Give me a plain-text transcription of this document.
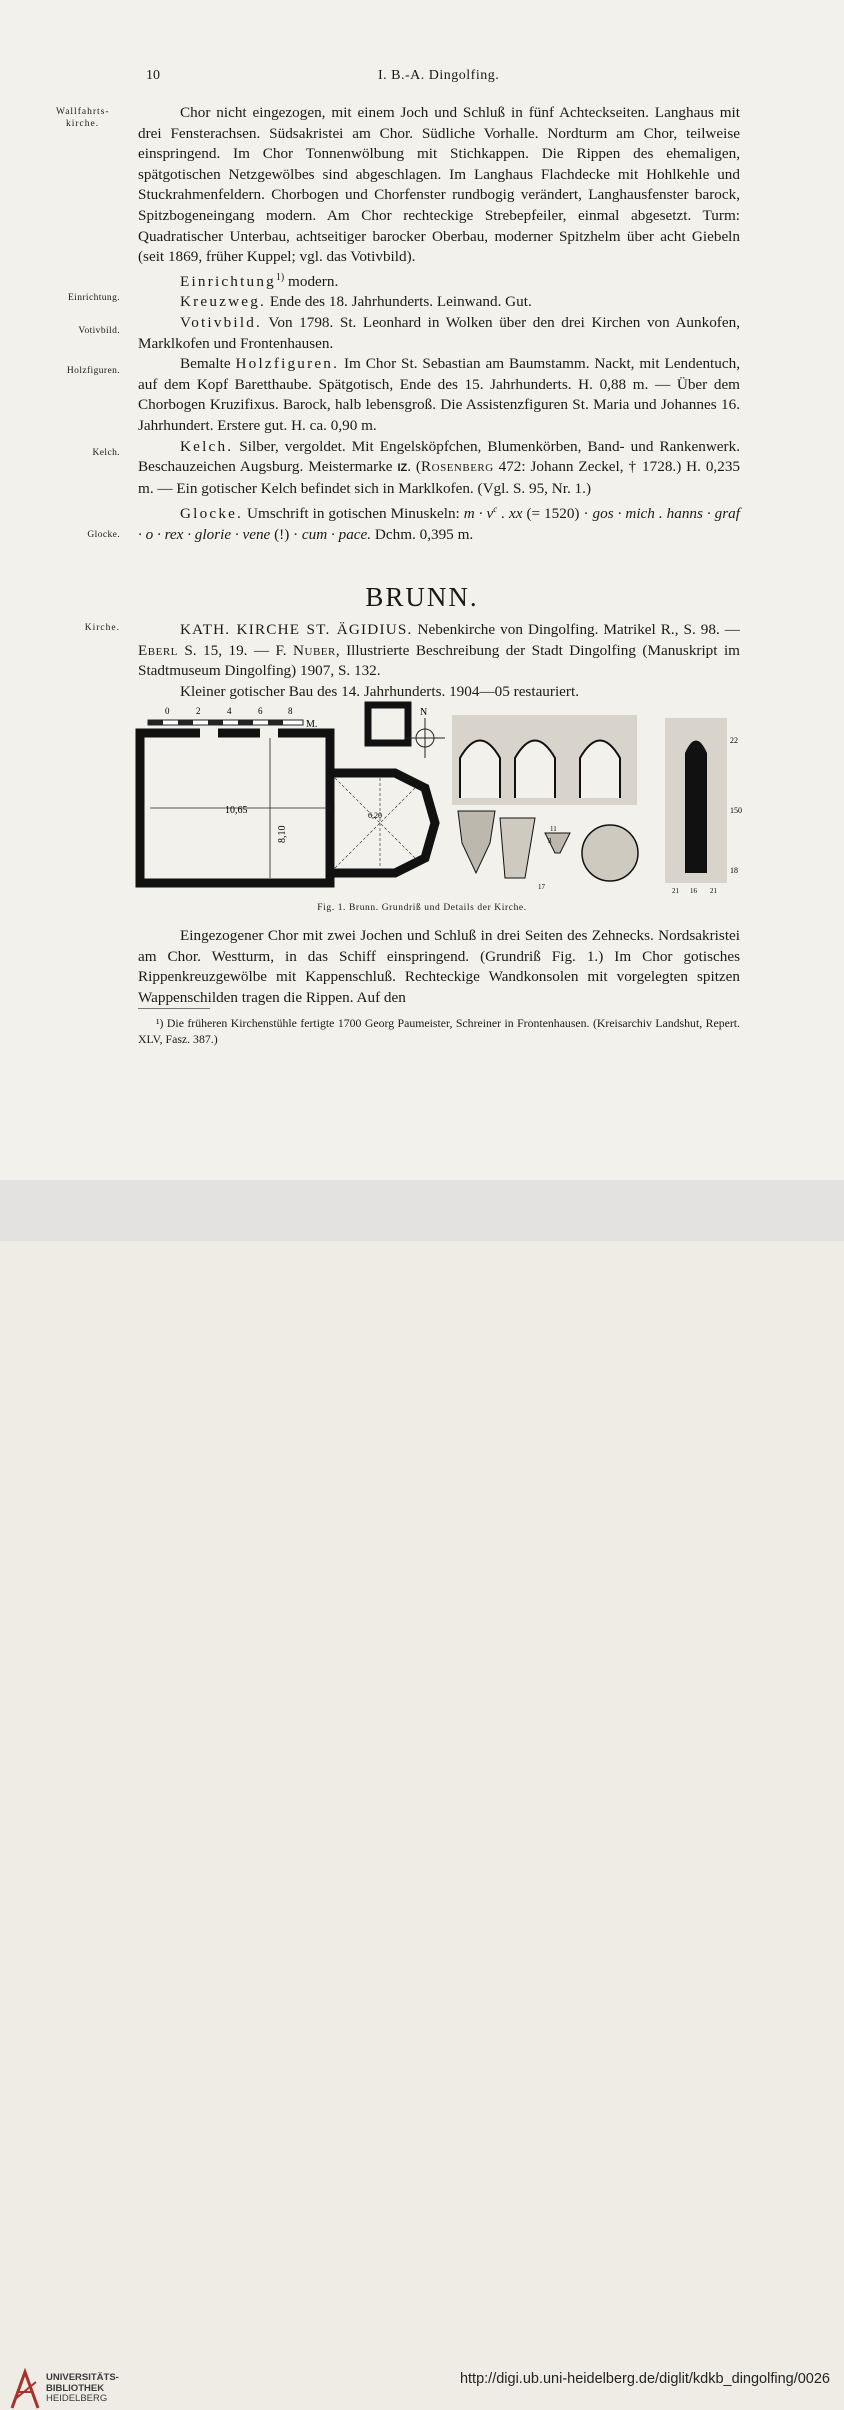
10	I. B.-A. Dingolfing.
Wallfahrts-
kirche.
Einrichtung.
Votivbild.
Holzfiguren.
Kelch.
Glocke.
Kirche.

Chor nicht eingezogen, mit einem Joch und Schluß in fünf Achteckseiten. Langhaus mit drei Fensterachsen. Südsakristei am Chor. Südliche Vorhalle. Nordturm am Chor, teilweise einspringend. Im Chor Tonnenwölbung mit Stichkappen. Die Rippen des ehemaligen, spätgotischen Netzgewölbes sind abgeschlagen. Im Langhaus Flachdecke mit Hohlkehle und Stuckrahmenfeldern. Chorbogen und Chorfenster rundbogig verändert, Langhausfenster barock, Spitzbogeneingang modern. Am Chor rechteckige Strebepfeiler, einmal abgesetzt. Turm: Quadratischer Unterbau, achtseitiger barocker Oberbau, moderner Spitzhelm über acht Giebeln (seit 1869, früher Kuppel; vgl. das Votivbild).

Einrichtung$^{1)}$ modern.

Kreuzweg. Ende des 18. Jahrhunderts. Leinwand. Gut.

Votivbild. Von 1798. St. Leonhard in Wolken über den drei Kirchen von Aunkofen, Marklkofen und Frontenhausen.

Bemalte Holzfiguren. Im Chor St. Sebastian am Baumstamm. Nackt, mit Lendentuch, auf dem Kopf Baretthaube. Spätgotisch, Ende des 15. Jahrhunderts. H. 0,88 m. — Über dem Chorbogen Kruzifixus. Barock, halb lebensgroß. Die Assistenzfiguren St. Maria und Johannes 16. Jahrhundert. Erstere gut. H. ca. 0,90 m.

Kelch. Silber, vergoldet. Mit Engelsköpfchen, Blumenkörben, Band- und Rankenwerk. Beschauzeichen Augsburg. Meistermarke IZ. (Rosenberg 472: Johann Zeckel, † 1728.) H. 0,235 m. — Ein gotischer Kelch befindet sich in Marklkofen. (Vgl. S. 95, Nr. 1.)

Glocke. Umschrift in gotischen Minuskeln: $m \cdot v^c$ . xx (= 1520) · gos · mich . hanns · graf · o · rex · glorie · vene (!) · cum · pace. Dchm. 0,395 m.

BRUNN.

KATH. KIRCHE ST. ÄGIDIUS. Nebenkirche von Dingolfing. Matrikel R., S. 98. — Eberl S. 15, 19. — F. Nuber, Illustrierte Beschreibung der Stadt Dingolfing (Manuskript im Stadtmuseum Dingolfing) 1907, S. 132.

Kleiner gotischer Bau des 14. Jahrhunderts. 1904—05 restauriert.

0	2	4	6	8
M.
N
10,65
8,10
6,20
22
150
18
21 16 21
17
3
11
Fig. 1. Brunn. Grundriß und Details der Kirche.

Eingezogener Chor mit zwei Jochen und Schluß in drei Seiten des Zehnecks. Nordsakristei am Chor. Westturm, in das Schiff einspringend. (Grundriß Fig. 1.) Im Chor gotisches Rippenkreuzgewölbe mit Kappenschluß. Rechteckige Wandkonsolen mit vorgelegten spitzen Wappenschilden tragen die Rippen. Auf den

¹) Die früheren Kirchenstühle fertigte 1700 Georg Paumeister, Schreiner in Frontenhausen. (Kreisarchiv Landshut, Repert. XLV, Fasz. 387.)

UNIVERSITÄTS-
BIBLIOTHEK
HEIDELBERG
http://digi.ub.uni-heidelberg.de/diglit/kdkb_dingolfing/0026
